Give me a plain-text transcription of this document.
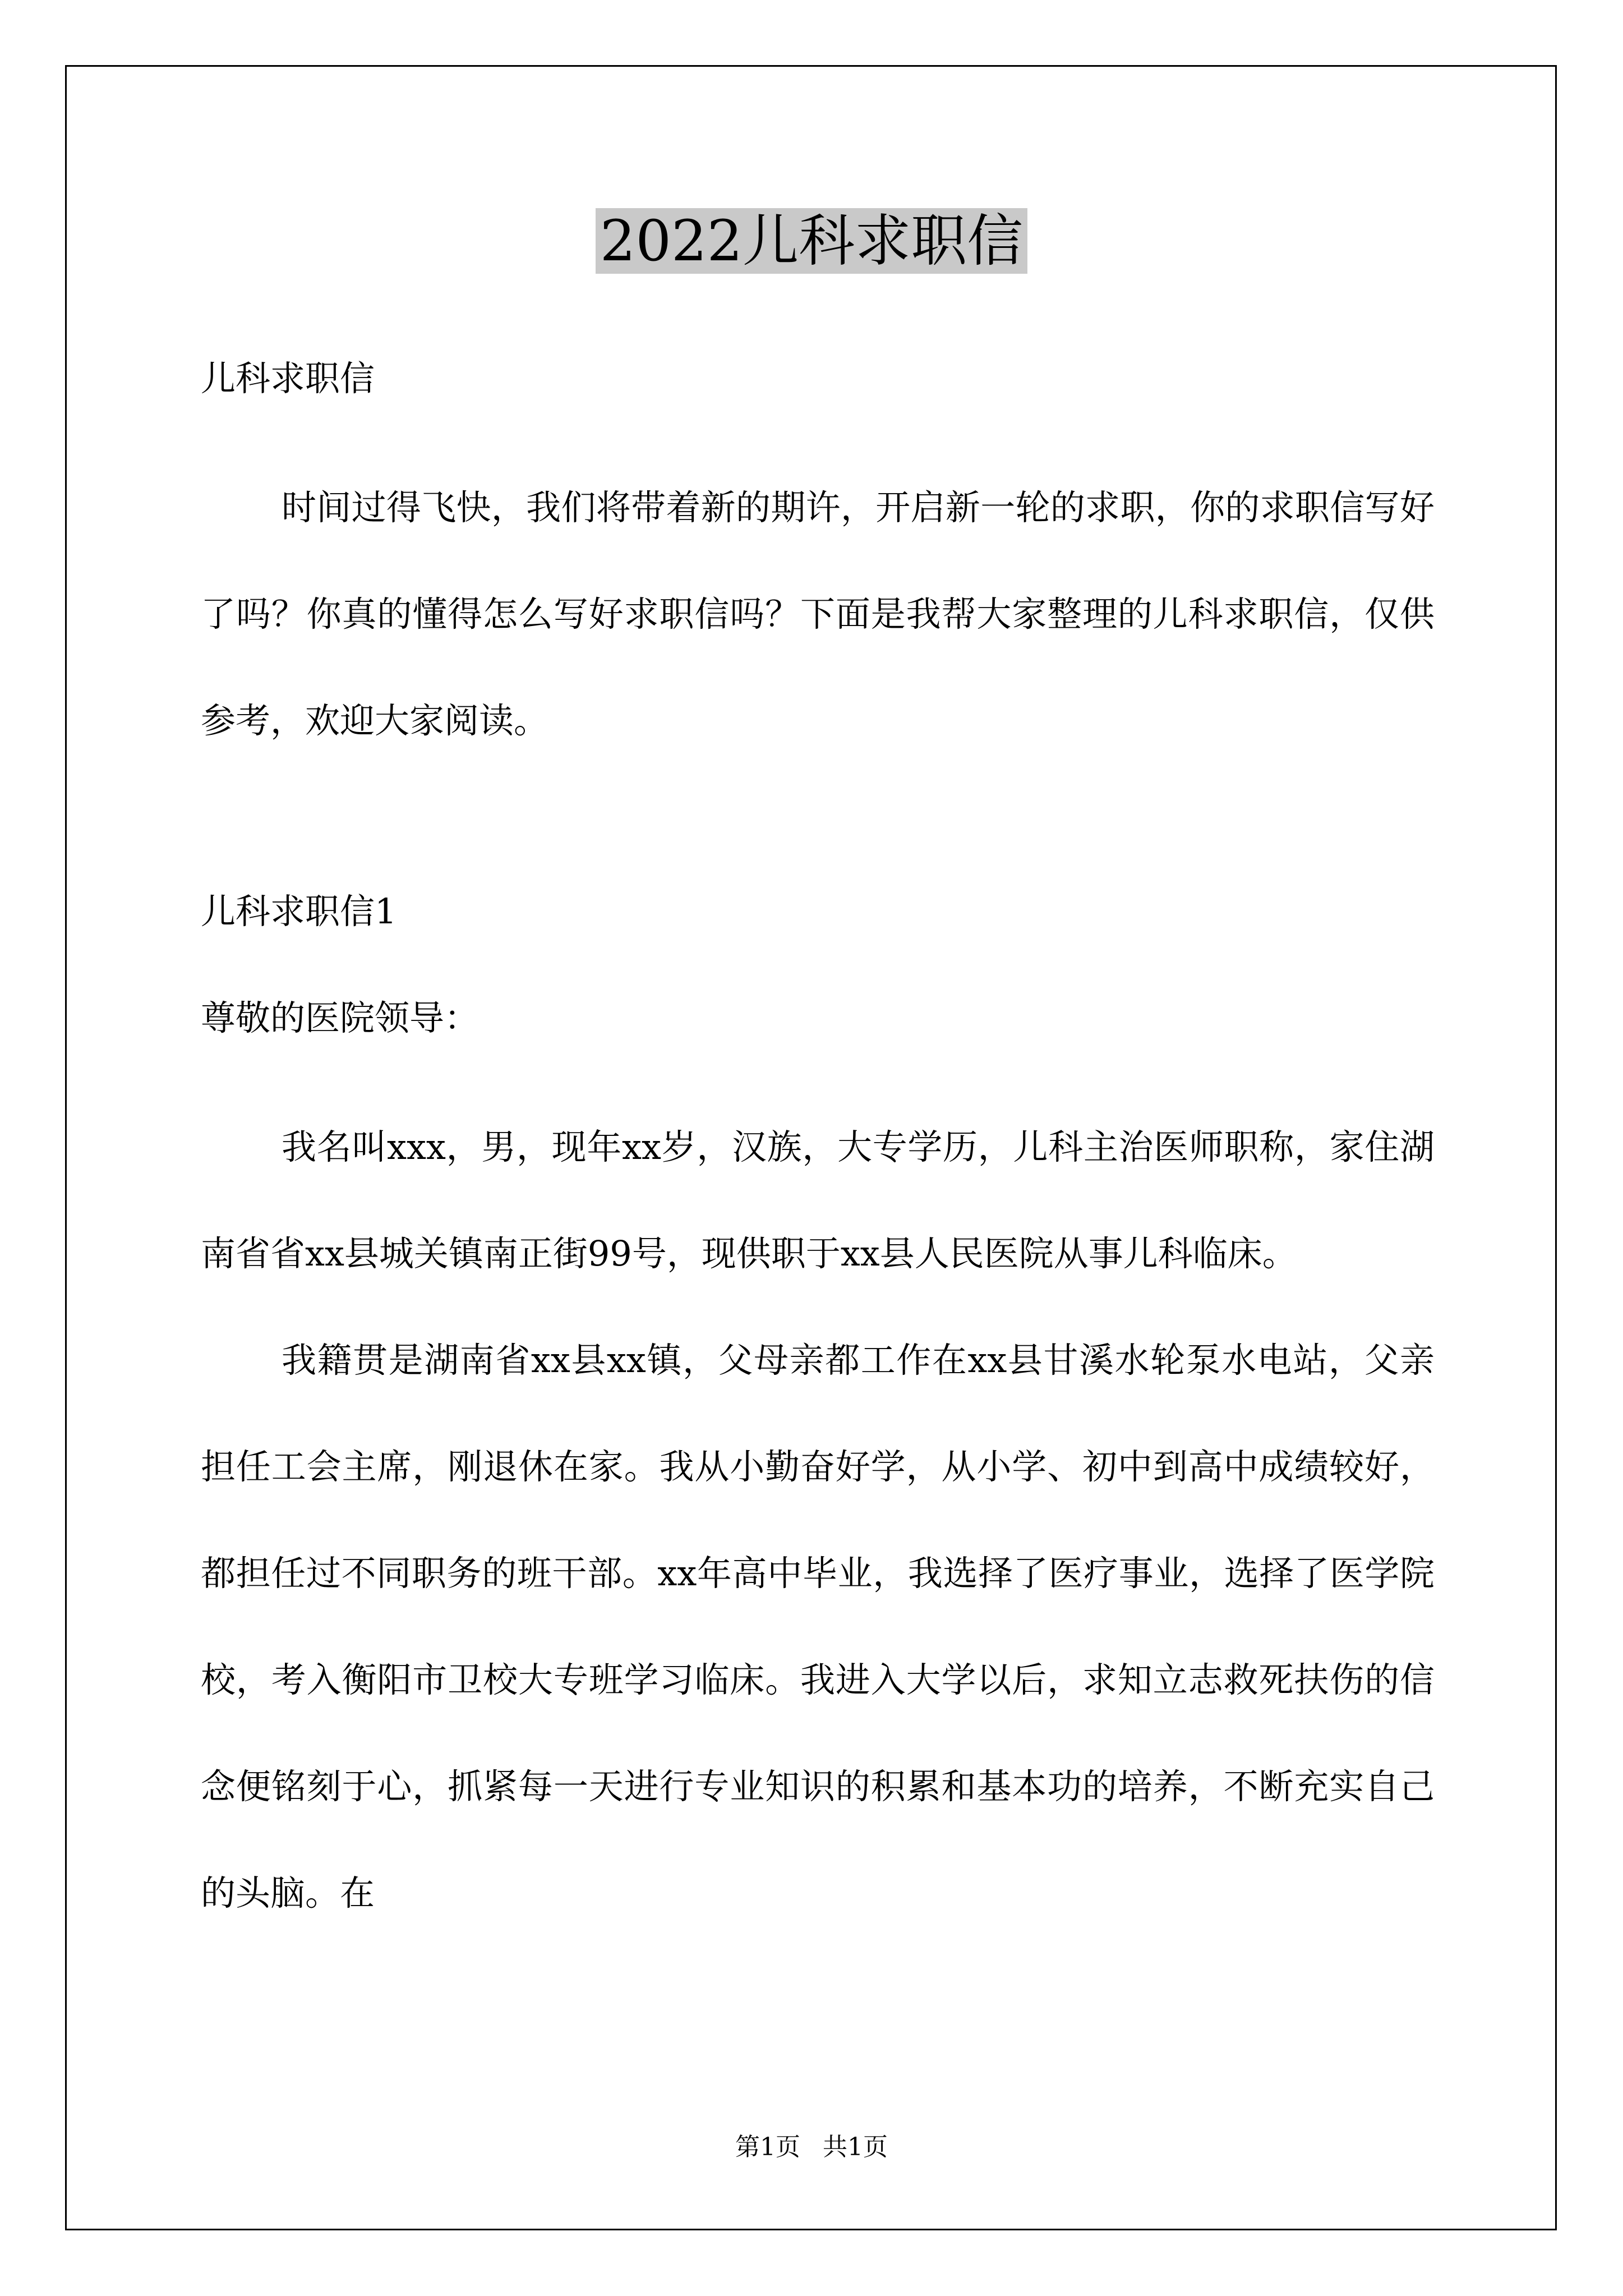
2022儿科求职信
儿科求职信

时间过得飞快，我们将带着新的期许，开启新一轮的求职，你的求职信写好了吗？你真的懂得怎么写好求职信吗？下面是我帮大家整理的儿科求职信，仅供参考，欢迎大家阅读。

儿科求职信1
尊敬的医院领导：

我名叫xxx，男，现年xx岁，汉族，大专学历，儿科主治医师职称，家住湖南省省xx县城关镇南正街99号，现供职于xx县人民医院从事儿科临床。

我籍贯是湖南省xx县xx镇，父母亲都工作在xx县甘溪水轮泵水电站，父亲担任工会主席，刚退休在家。我从小勤奋好学，从小学、初中到高中成绩较好，都担任过不同职务的班干部。xx年高中毕业，我选择了医疗事业，选择了医学院校，考入衡阳市卫校大专班学习临床。我进入大学以后，求知立志救死扶伤的信念便铭刻于心，抓紧每一天进行专业知识的积累和基本功的培养，不断充实自己的头脑。在

第1页 共1页
